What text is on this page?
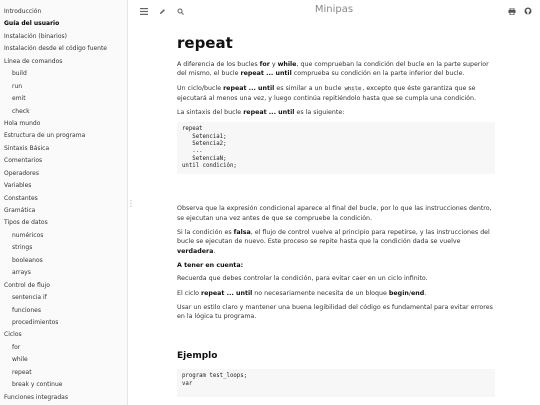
Introducción
Guía del usuario
Instalación (binarios)
Instalación desde el código fuente
Línea de comandos
build
run
emit
check
Hola mundo
Estructura de un programa
Sintaxis Básica
Comentarios
Operadores
Variables
Constantes
Gramática
Tipos de datos
numéricos
strings
booleanos
arrays
Control de flujo
sentencia if
funciones
procedimientos
Ciclos
for
while
repeat
break y continue
Funciones integradas
⋮
Minipas
repeat

A diferencia de los bucles for y while, que comprueban la condición del bucle en la parte superior del mismo, el bucle repeat ... until comprueba su condición en la parte inferior del bucle.

Un ciclo/bucle repeat ... until es similar a un bucle while, excepto que éste garantiza que se ejecutará al menos una vez, y luego continúa repitiéndolo hasta que se cumpla una condición.

La sintaxis del bucle repeat ... until es la siguiente:

repeat
Setencia1;
Setencia2;
...
SetenciaN;
until condición;

Observa que la expresión condicional aparece al final del bucle, por lo que las instrucciones dentro, se ejecutan una vez antes de que se compruebe la condición.

Si la condición es falsa, el flujo de control vuelve al principio para repetirse, y las instrucciones del bucle se ejecutan de nuevo. Este proceso se repite hasta que la condición dada se vuelve verdadera.

A tener en cuenta:

Recuerda que debes controlar la condición, para evitar caer en un ciclo infinito.

El ciclo repeat ... until no necesariamente necesita de un bloque begin/end.

Usar un estilo claro y mantener una buena legibilidad del código es fundamental para evitar errores en la lógica tu programa.

Ejemplo
program test_loops;
var
